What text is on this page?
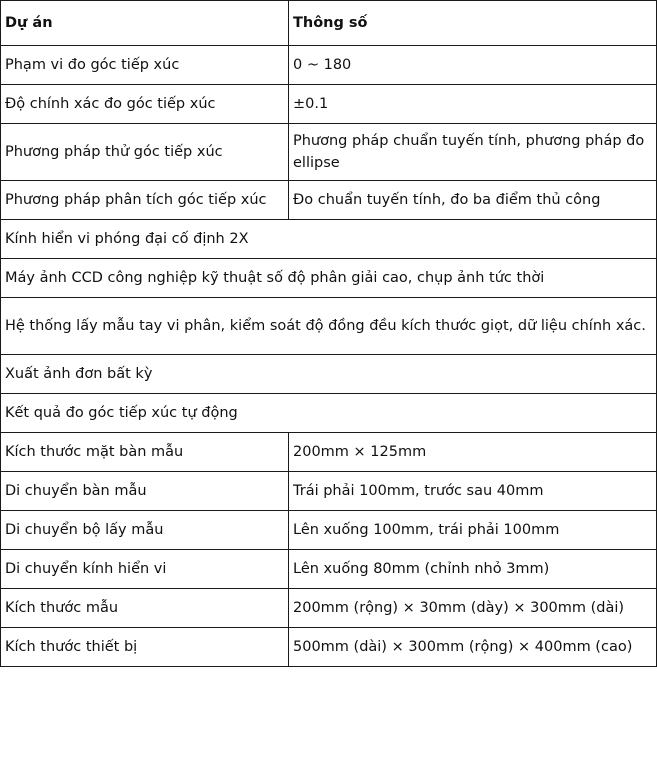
Dự án	Thông số
Phạm vi đo góc tiếp xúc	0 ~ 180
Độ chính xác đo góc tiếp xúc	±0.1
Phương pháp thử góc tiếp xúc	Phương pháp chuẩn tuyến tính, phương pháp đo ellipse
Phương pháp phân tích góc tiếp xúc	Đo chuẩn tuyến tính, đo ba điểm thủ công
Kính hiển vi phóng đại cố định 2X	
Máy ảnh CCD công nghiệp kỹ thuật số độ phân giải cao, chụp ảnh tức thời	
Hệ thống lấy mẫu tay vi phân, kiểm soát độ đồng đều kích thước giọt, dữ liệu chính xác.	
Xuất ảnh đơn bất kỳ	
Kết quả đo góc tiếp xúc tự động	
Kích thước mặt bàn mẫu	200mm × 125mm
Di chuyển bàn mẫu	Trái phải 100mm, trước sau 40mm
Di chuyển bộ lấy mẫu	Lên xuống 100mm, trái phải 100mm
Di chuyển kính hiển vi	Lên xuống 80mm (chỉnh nhỏ 3mm)
Kích thước mẫu	200mm (rộng) × 30mm (dày) × 300mm (dài)
Kích thước thiết bị	500mm (dài) × 300mm (rộng) × 400mm (cao)
